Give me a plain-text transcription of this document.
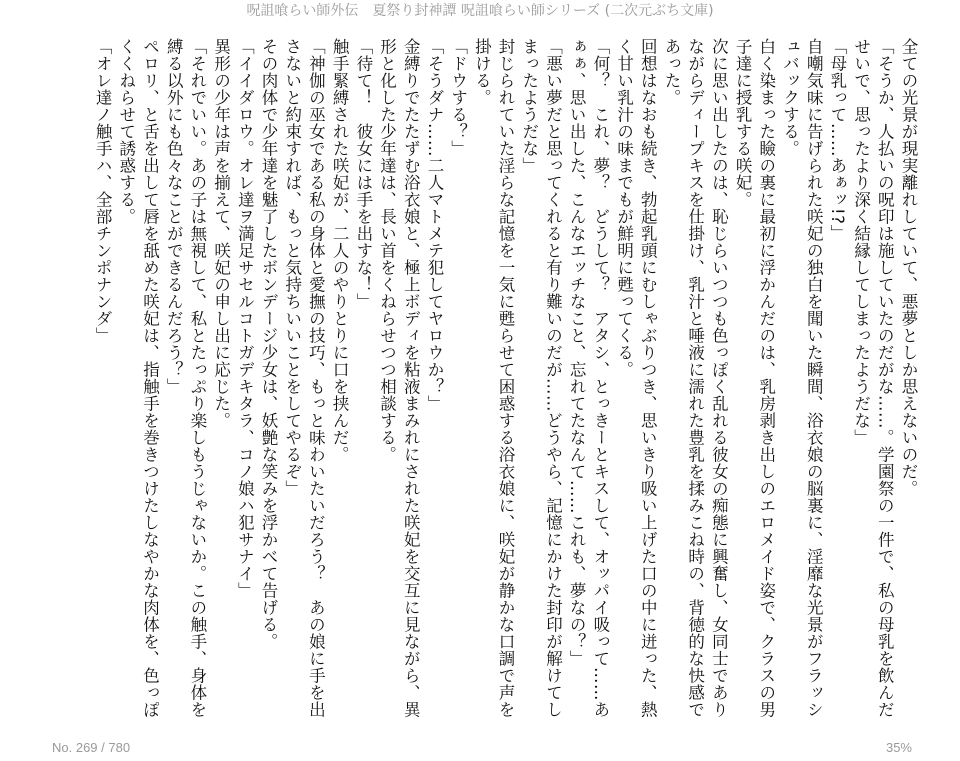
呪詛喰らい師外伝　夏祭り封神譚 呪詛喰らい師シリーズ (二次元ぶち文庫)

全ての光景が現実離れしていて、悪夢としか思えないのだ。

「そうか、人払いの呪印は施していたのだがな……。学園祭の一件で、私の母乳を飲んだせいで、思ったより深く結縁してしまったようだな」

「母乳って……あぁッ!?」

自嘲気味に告げられた咲妃の独白を聞いた瞬間、浴衣娘の脳裏に、淫靡な光景がフラッシュバックする。

白く染まった瞼の裏に最初に浮かんだのは、乳房剥き出しのエロメイド姿で、クラスの男子達に授乳する咲妃。

次に思い出したのは、恥じらいつつも色っぽく乱れる彼女の痴態に興奮し、女同士でありながらディープキスを仕掛け、乳汁と唾液に濡れた豊乳を揉みこね時の、背徳的な快感であった。

回想はなおも続き、勃起乳頭にむしゃぶりつき、思いきり吸い上げた口の中に迸った、熱く甘い乳汁の味までもが鮮明に甦ってくる。

「何？　これ、夢？　どうして？　アタシ、とっきーとキスして、オッパイ吸って……あぁぁ、思い出した、こんなエッチなこと、忘れてたなんて……これも、夢なの？」

「悪い夢だと思ってくれると有り難いのだが……どうやら、記憶にかけた封印が解けてしまったようだな」

封じられていた淫らな記憶を一気に甦らせて困惑する浴衣娘に、咲妃が静かな口調で声を掛ける。

「ドウする？」

「そうダナ……二人マトメテ犯してヤロウか？」

金縛りでたたずむ浴衣娘と、極上ボディを粘液まみれにされた咲妃を交互に見ながら、異形と化した少年達は、長い首をくねらせつつ相談する。

「待て！　彼女には手を出すな！」

触手緊縛された咲妃が、二人のやりとりに口を挟んだ。

「神伽の巫女である私の身体と愛撫の技巧、もっと味わいたいだろう？　あの娘に手を出さないと約束すれば、もっと気持ちいいことをしてやるぞ」

その肉体で少年達を魅了したボンデージ少女は、妖艶な笑みを浮かべて告げる。

「イイダロウ。オレ達ヲ満足サセルコトガデキタラ、コノ娘ハ犯サナイ」

異形の少年は声を揃えて、咲妃の申し出に応じた。

「それでいい。あの子は無視して、私とたっぷり楽しもうじゃないか。この触手、身体を縛る以外にも色々なことができるんだろう？」

ペロリ、と舌を出して唇を舐めた咲妃は、指触手を巻きつけたしなやかな肉体を、色っぽくくねらせて誘惑する。

「オレ達ノ触手ハ、全部チンポナンダ」

No. 269 / 780	35%
